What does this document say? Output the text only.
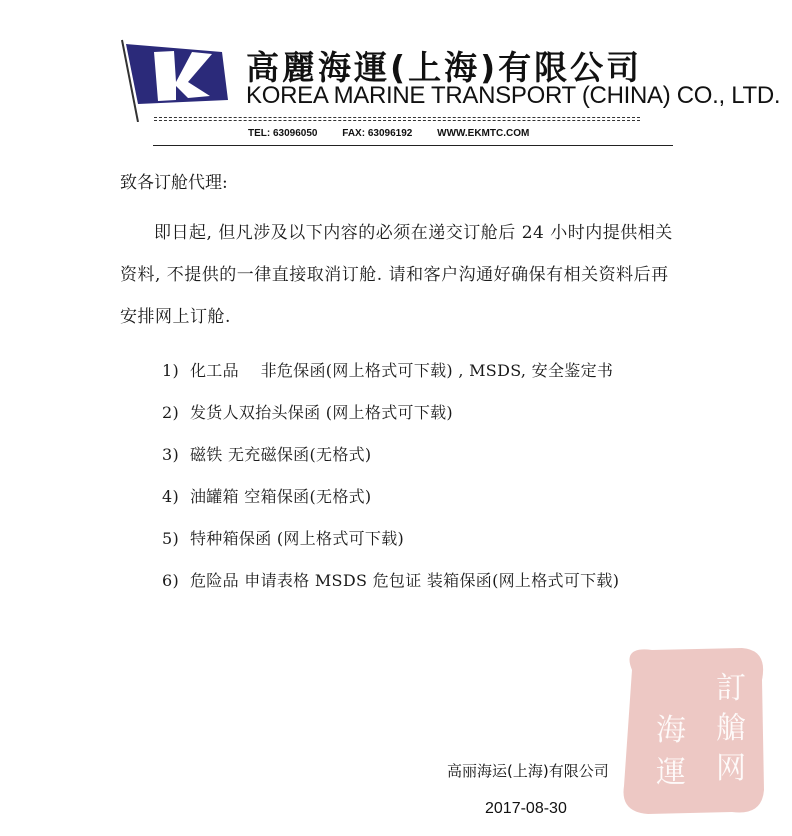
K
高麗海運(上海)有限公司
KOREA MARINE TRANSPORT (CHINA) CO., LTD.
TEL: 63096050 FAX: 63096192 WWW.EKMTC.COM

致各订舱代理:

即日起, 但凡涉及以下内容的必须在递交订舱后 24 小时内提供相关资料, 不提供的一律直接取消订舱. 请和客户沟通好确保有相关资料后再安排网上订舱.

1) 化工品　 非危保函(网上格式可下载) , MSDS, 安全鉴定书
2) 发货人双抬头保函 (网上格式可下载)
3) 磁铁 无充磁保函(无格式)
4) 油罐箱 空箱保函(无格式)
5) 特种箱保函 (网上格式可下载)
6) 危险品 申请表格 MSDS 危包证 装箱保函(网上格式可下载)
訂
艙
网
海
運
高丽海运(上海)有限公司
2017-08-30
